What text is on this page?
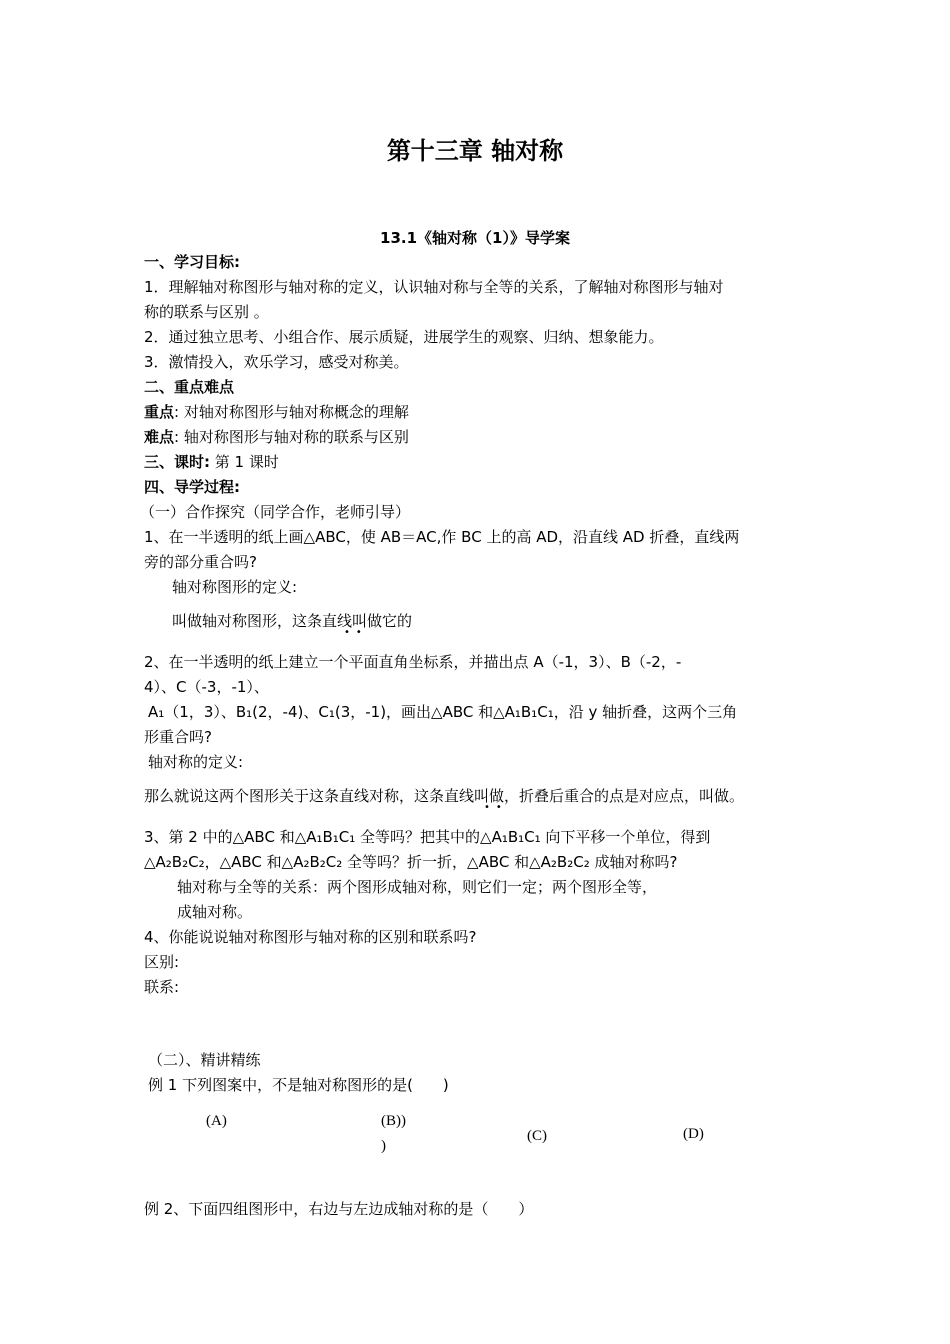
第十三章 轴对称
13.1《轴对称（1）》导学案
一、学习目标:
1．理解轴对称图形与轴对称的定义，认识轴对称与全等的关系，了解轴对称图形与轴对
称的联系与区别 。
2．通过独立思考、小组合作、展示质疑，进展学生的观察、归纳、想象能力。
3．激情投入，欢乐学习，感受对称美。
二、重点难点
重点: 对轴对称图形与轴对称概念的理解
难点: 轴对称图形与轴对称的联系与区别
三、课时: 第 1 课时
四、导学过程:
（一）合作探究（同学合作，老师引导）
1、在一半透明的纸上画△ABC，使 AB＝AC,作 BC 上的高 AD，沿直线 AD 折叠，直线两
旁的部分重合吗?
轴对称图形的定义:
叫做轴对称图形，这条直线叫做它的
••
2、在一半透明的纸上建立一个平面直角坐标系，并描出点 A（-1，3）、B（-2，-
4）、C（-3，-1）、
A₁（1，3）、B₁(2，-4)、C₁(3，-1)，画出△ABC 和△A₁B₁C₁，沿 y 轴折叠，这两个三角
形重合吗?
轴对称的定义:
那么就说这两个图形关于这条直线对称，这条直线叫做，折叠后重合的点是对应点，叫做。
••
3、第 2 中的△ABC 和△A₁B₁C₁ 全等吗？把其中的△A₁B₁C₁ 向下平移一个单位，得到
△A₂B₂C₂，△ABC 和△A₂B₂C₂ 全等吗？折一折，△ABC 和△A₂B₂C₂ 成轴对称吗?
轴对称与全等的关系：两个图形成轴对称，则它们一定；两个图形全等，
成轴对称。
4、你能说说轴对称图形与轴对称的区别和联系吗?
区别:
联系:
（二）、精讲精练
例 1 下列图案中，不是轴对称图形的是(　　)
(A)	(B))
)
(C)	(D)
例 2、下面四组图形中，右边与左边成轴对称的是（　　）
